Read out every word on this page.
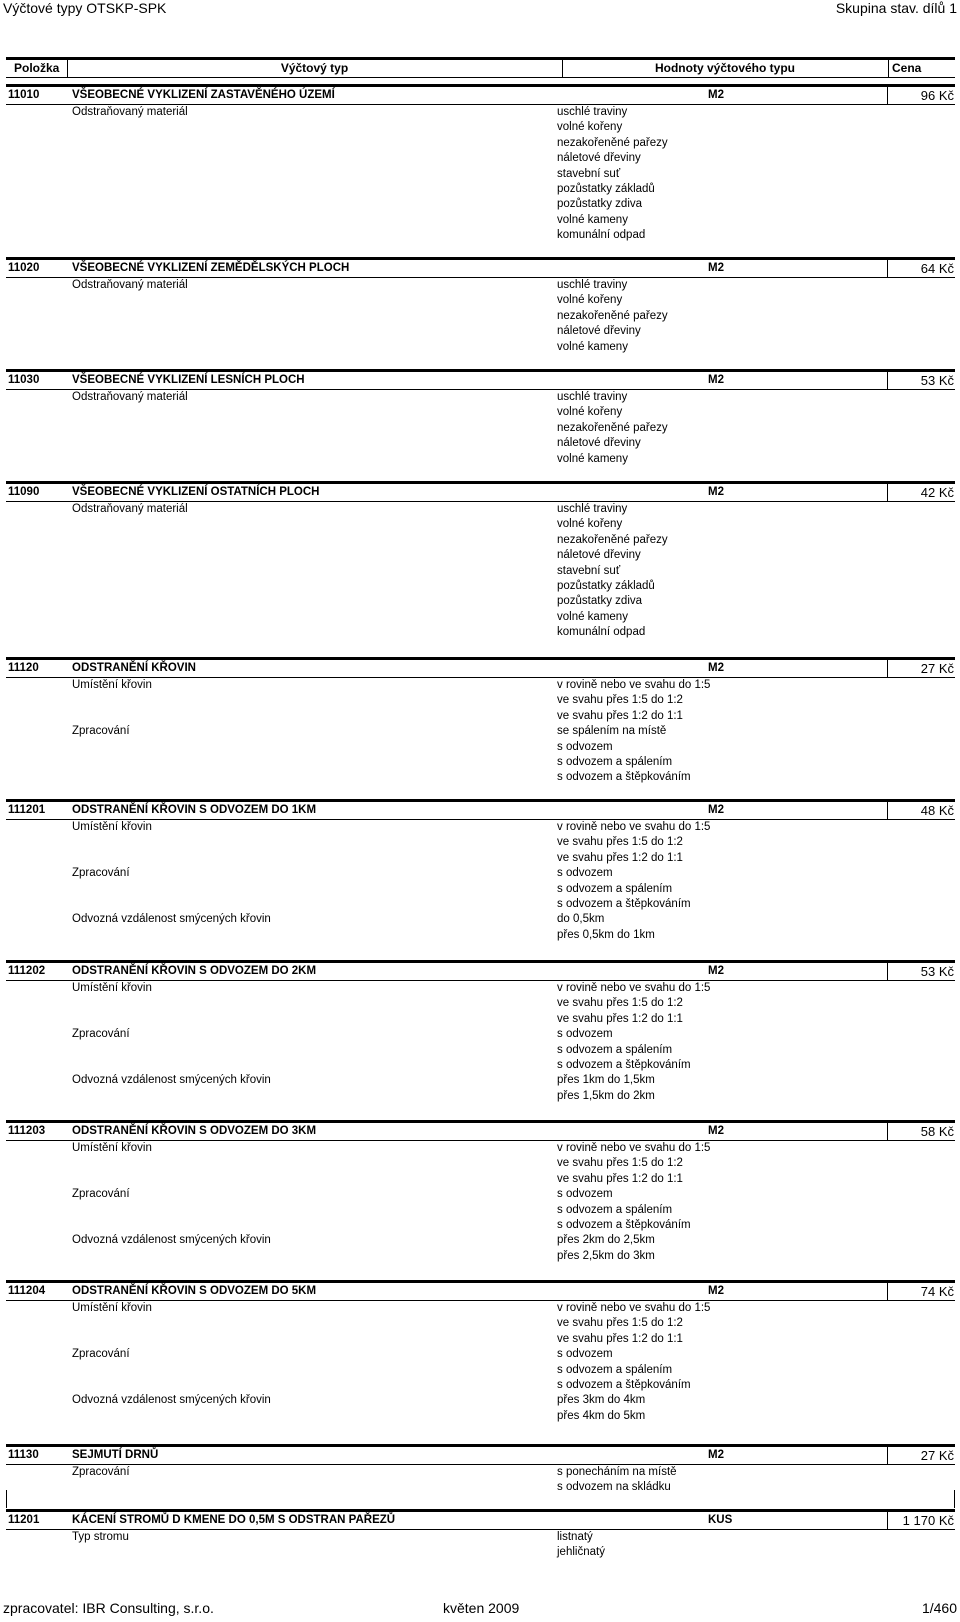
Výčtové typy OTSKP-SPK	Skupina stav. dílů 1
Položka	Výčtový typ	Hodnoty výčtového typu	Cena
11010	VŠEOBECNÉ VYKLIZENÍ ZASTAVĚNÉHO ÚZEMÍ	M2	96 Kč
Odstraňovaný materiál	uschlé traviny
volné kořeny
nezakořeněné pařezy
náletové dřeviny
stavební suť
pozůstatky základů
pozůstatky zdiva
volné kameny
komunální odpad
11020	VŠEOBECNÉ VYKLIZENÍ ZEMĚDĚLSKÝCH PLOCH	M2	64 Kč
Odstraňovaný materiál	uschlé traviny
volné kořeny
nezakořeněné pařezy
náletové dřeviny
volné kameny
11030	VŠEOBECNÉ VYKLIZENÍ LESNÍCH PLOCH	M2	53 Kč
Odstraňovaný materiál	uschlé traviny
volné kořeny
nezakořeněné pařezy
náletové dřeviny
volné kameny
11090	VŠEOBECNÉ VYKLIZENÍ OSTATNÍCH PLOCH	M2	42 Kč
Odstraňovaný materiál	uschlé traviny
volné kořeny
nezakořeněné pařezy
náletové dřeviny
stavební suť
pozůstatky základů
pozůstatky zdiva
volné kameny
komunální odpad
11120	ODSTRANĚNÍ KŘOVIN	M2	27 Kč
Umístění křovin	v rovině nebo ve svahu do 1:5
ve svahu přes 1:5 do 1:2
ve svahu přes 1:2 do 1:1
Zpracování	se spálením na místě
s odvozem
s odvozem a spálením
s odvozem a štěpkováním
111201 ODSTRANĚNÍ KŘOVIN S ODVOZEM DO 1KM	M2	48 Kč
Umístění křovin	v rovině nebo ve svahu do 1:5
ve svahu přes 1:5 do 1:2
ve svahu přes 1:2 do 1:1
Zpracování	s odvozem
s odvozem a spálením
s odvozem a štěpkováním
Odvozná vzdálenost smýcených křovin	do 0,5km
přes 0,5km do 1km
111202 ODSTRANĚNÍ KŘOVIN S ODVOZEM DO 2KM	M2	53 Kč
Umístění křovin	v rovině nebo ve svahu do 1:5
ve svahu přes 1:5 do 1:2
ve svahu přes 1:2 do 1:1
Zpracování	s odvozem
s odvozem a spálením
s odvozem a štěpkováním
Odvozná vzdálenost smýcených křovin	přes 1km do 1,5km
přes 1,5km do 2km
111203 ODSTRANĚNÍ KŘOVIN S ODVOZEM DO 3KM	M2	58 Kč
Umístění křovin	v rovině nebo ve svahu do 1:5
ve svahu přes 1:5 do 1:2
ve svahu přes 1:2 do 1:1
Zpracování	s odvozem
s odvozem a spálením
s odvozem a štěpkováním
Odvozná vzdálenost smýcených křovin	přes 2km do 2,5km
přes 2,5km do 3km
111204 ODSTRANĚNÍ KŘOVIN S ODVOZEM DO 5KM	M2	74 Kč
Umístění křovin	v rovině nebo ve svahu do 1:5
ve svahu přes 1:5 do 1:2
ve svahu přes 1:2 do 1:1
Zpracování	s odvozem
s odvozem a spálením
s odvozem a štěpkováním
Odvozná vzdálenost smýcených křovin	přes 3km do 4km
přes 4km do 5km
11130	SEJMUTÍ DRNŮ	M2	27 Kč
Zpracování	s ponecháním na místě
s odvozem na skládku
11201	KÁCENÍ STROMŮ D KMENE DO 0,5M S ODSTRAN PAŘEZŮ	KUS	1 170 Kč
Typ stromu	listnatý
jehličnatý
zpracovatel: IBR Consulting, s.r.o.	květen 2009	1/460
